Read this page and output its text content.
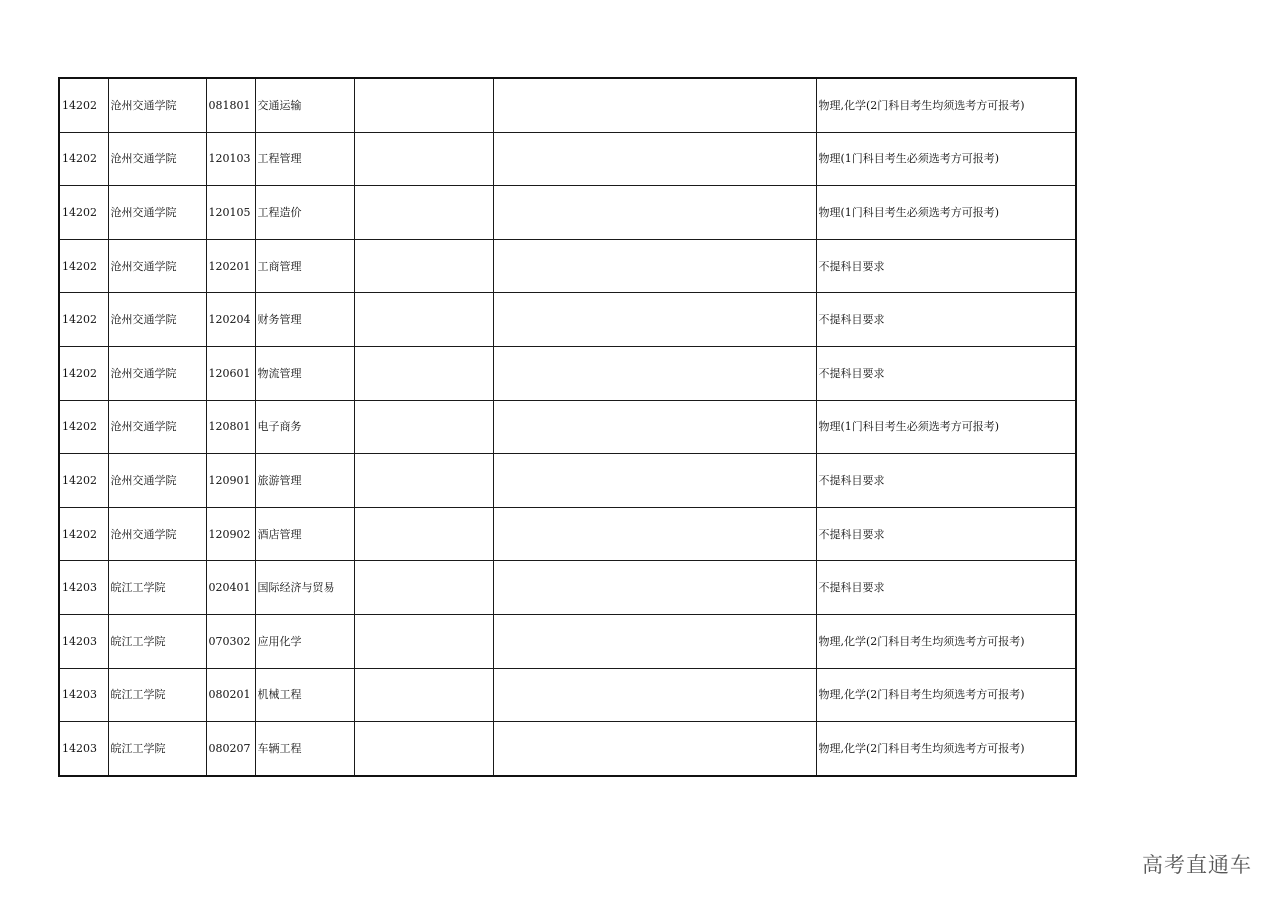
14202	沧州交通学院	081801	交通运输			物理,化学(2门科目考生均须选考方可报考)
14202	沧州交通学院	120103	工程管理			物理(1门科目考生必须选考方可报考)
14202	沧州交通学院	120105	工程造价			物理(1门科目考生必须选考方可报考)
14202	沧州交通学院	120201	工商管理			不提科目要求
14202	沧州交通学院	120204	财务管理			不提科目要求
14202	沧州交通学院	120601	物流管理			不提科目要求
14202	沧州交通学院	120801	电子商务			物理(1门科目考生必须选考方可报考)
14202	沧州交通学院	120901	旅游管理			不提科目要求
14202	沧州交通学院	120902	酒店管理			不提科目要求
14203	皖江工学院	020401	国际经济与贸易			不提科目要求
14203	皖江工学院	070302	应用化学			物理,化学(2门科目考生均须选考方可报考)
14203	皖江工学院	080201	机械工程			物理,化学(2门科目考生均须选考方可报考)
14203	皖江工学院	080207	车辆工程			物理,化学(2门科目考生均须选考方可报考)
高考直通车
